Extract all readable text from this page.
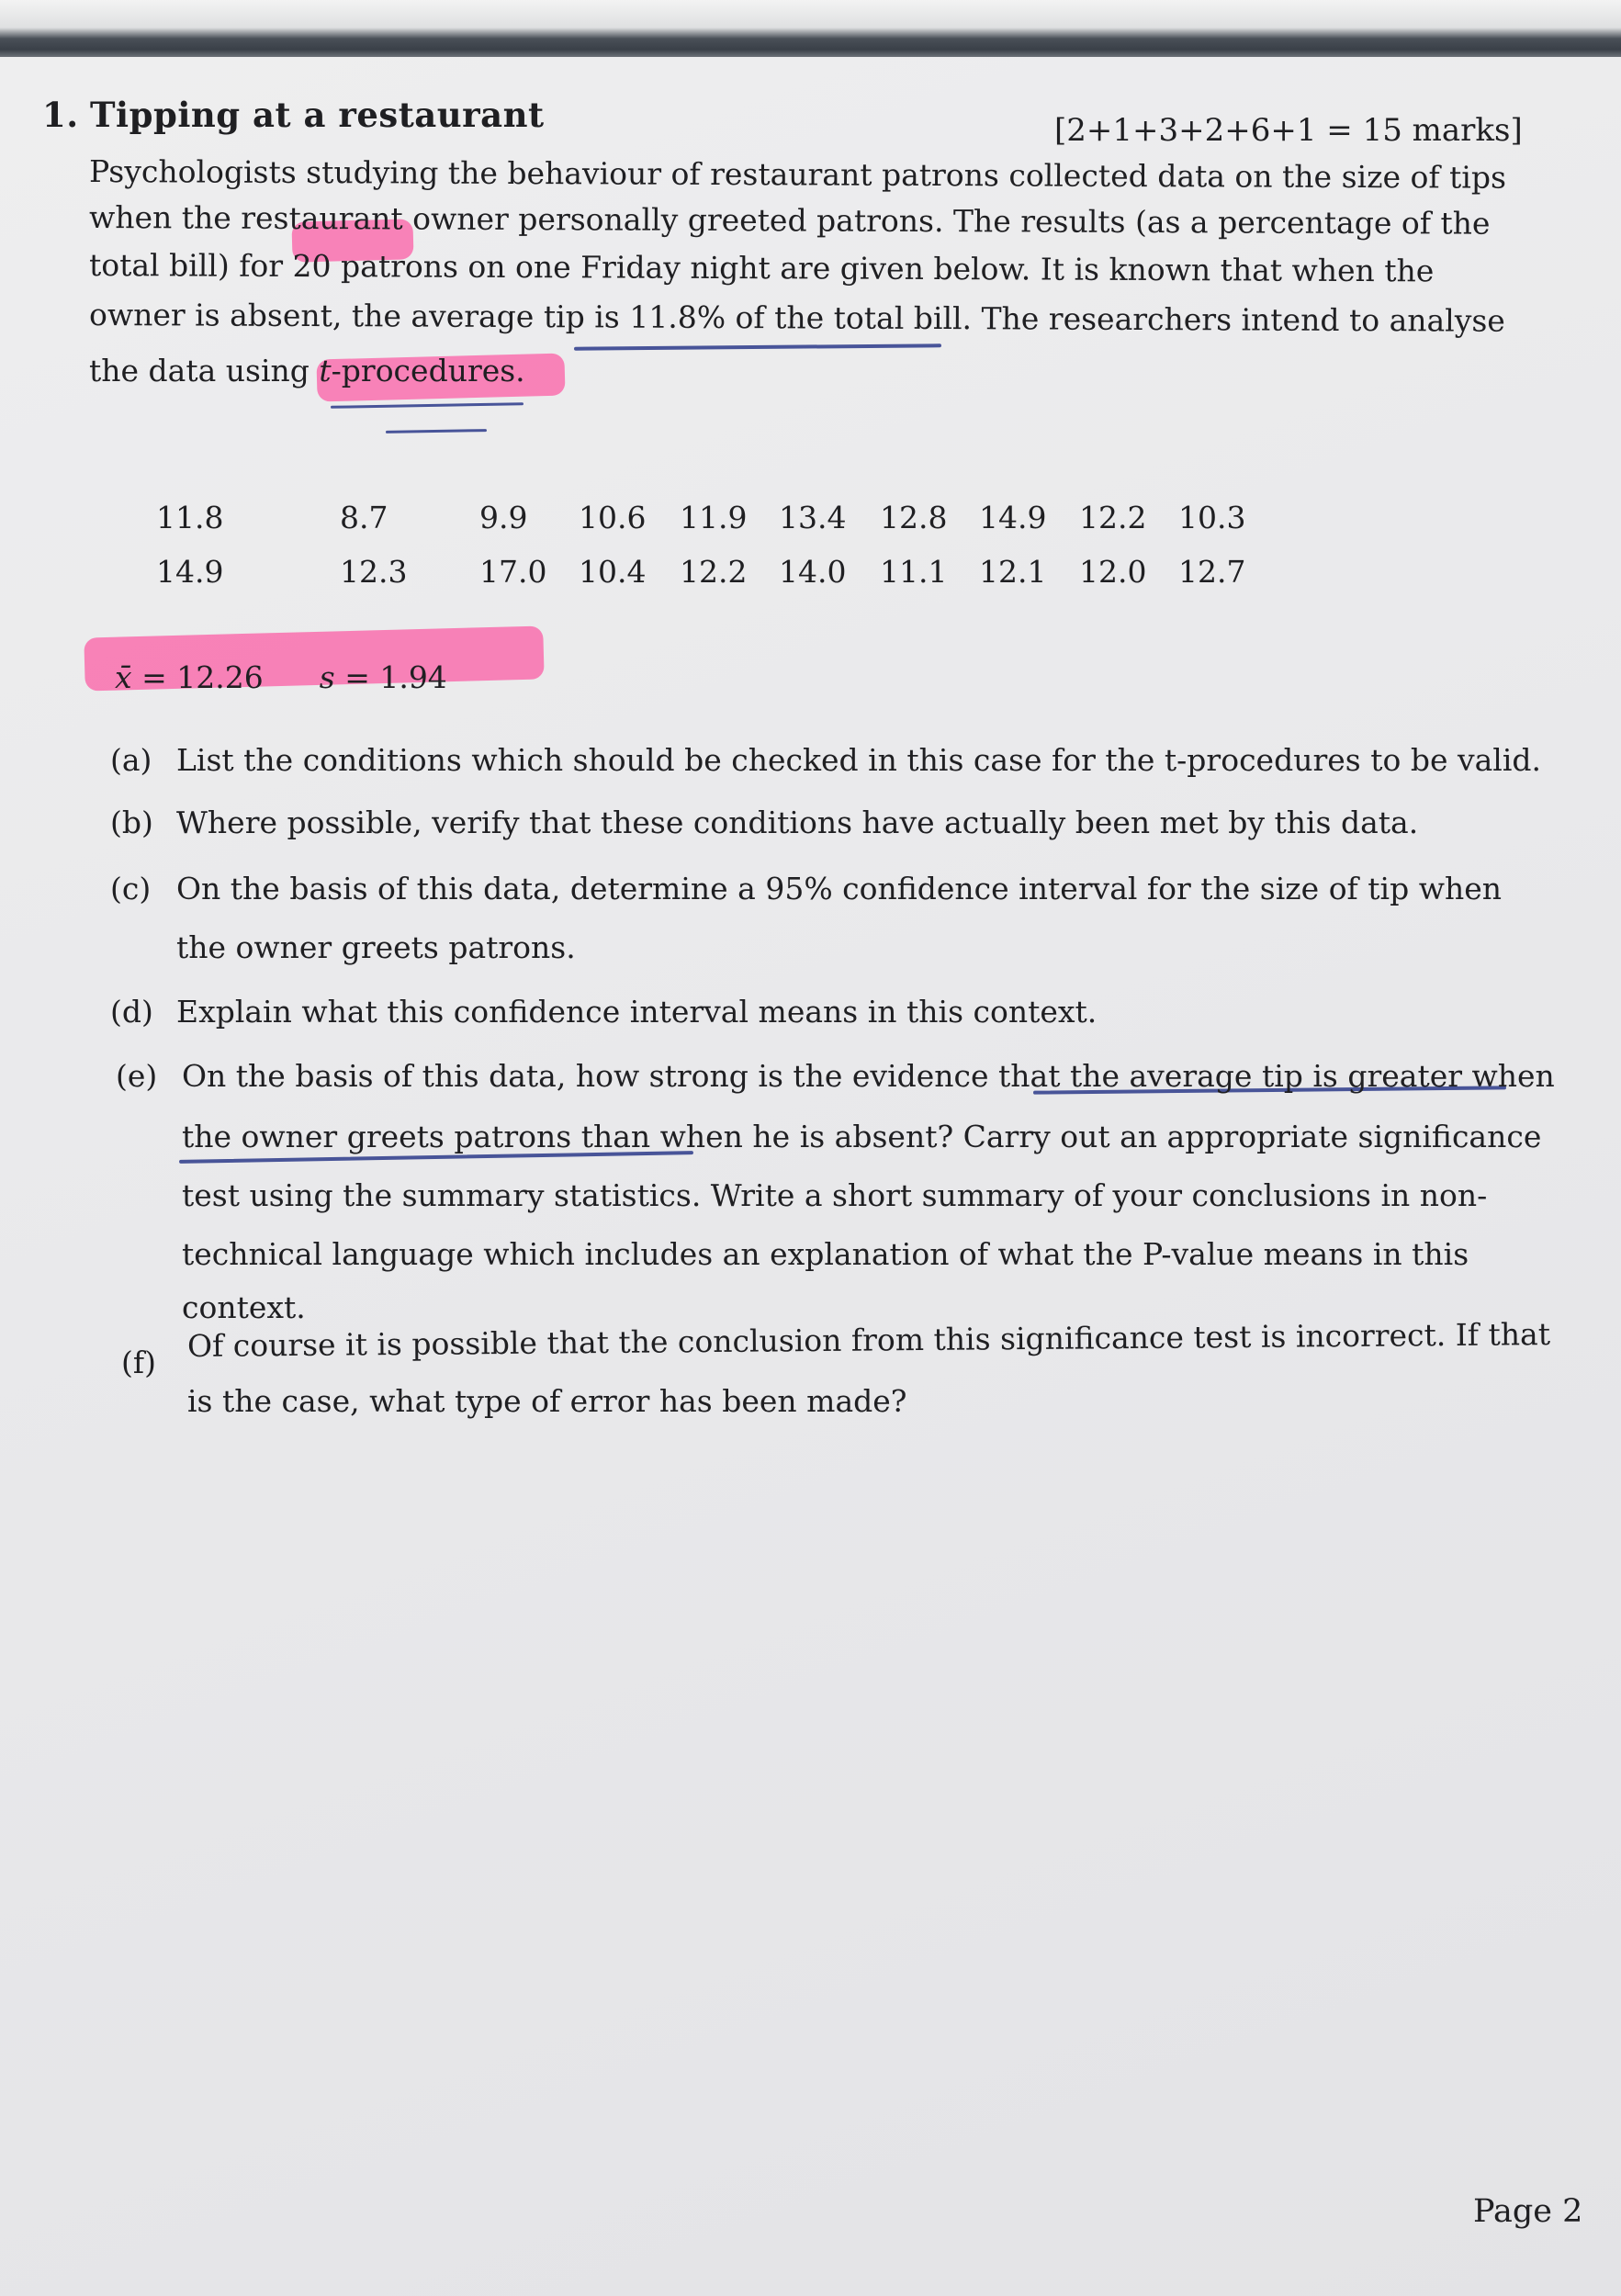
1. Tipping at a restaurant	[2+1+3+2+6+1 = 15 marks]
Psychologists studying the behaviour of restaurant patrons collected data on the size of tips
when the restaurant owner personally greeted patrons. The results (as a percentage of the
total bill) for 20 patrons on one Friday night are given below. It is known that when the
owner is absent, the average tip is 11.8% of the total bill. The researchers intend to analyse
the data using t-procedures.
11.8	8.7	9.9 10.6 11.9 13.4 12.8 14.9 12.2 10.3
14.9	12.3 17.0 10.4 12.2 14.0 11.1 12.1 12.0 12.7
x̄ = 12.26 s = 1.94
(a) List the conditions which should be checked in this case for the t-procedures to be valid.
(b) Where possible, verify that these conditions have actually been met by this data.
(c) On the basis of this data, determine a 95% confidence interval for the size of tip when
the owner greets patrons.
(d) Explain what this confidence interval means in this context.
(e) On the basis of this data, how strong is the evidence that the average tip is greater when
the owner greets patrons than when he is absent? Carry out an appropriate significance
test using the summary statistics. Write a short summary of your conclusions in non-
technical language which includes an explanation of what the P-value means in this
context.
(f) Of course it is possible that the conclusion from this significance test is incorrect. If that
is the case, what type of error has been made?
Page 2
